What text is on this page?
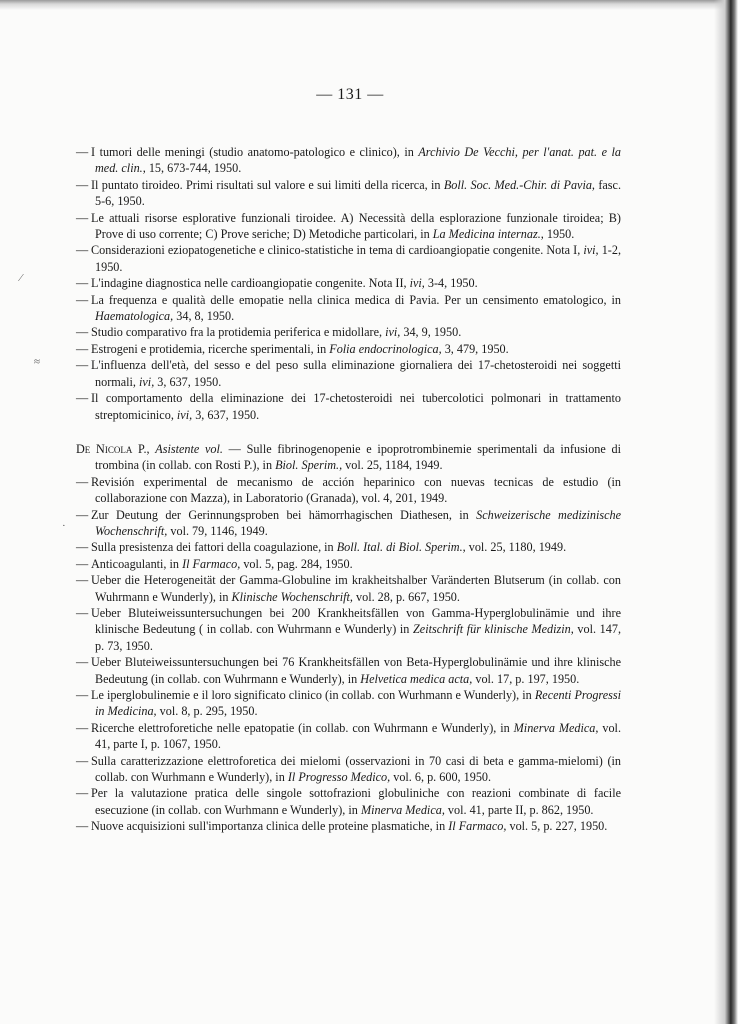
— 131 —
— I tumori delle meningi (studio anatomo-patologico e clinico), in Archivio De Vecchi, per l'anat. pat. e la med. clin., 15, 673-744, 1950.
— Il puntato tiroideo. Primi risultati sul valore e sui limiti della ricerca, in Boll. Soc. Med.-Chir. di Pavia, fasc. 5-6, 1950.
— Le attuali risorse esplorative funzionali tiroidee. A) Necessità della esplorazione funzionale tiroidea; B) Prove di uso corrente; C) Prove seriche; D) Metodiche particolari, in La Medicina internaz., 1950.
— Considerazioni eziopatogenetiche e clinico-statistiche in tema di cardioangiopatie congenite. Nota I, ivi, 1-2, 1950.
— L'indagine diagnostica nelle cardioangiopatie congenite. Nota II, ivi, 3-4, 1950.
— La frequenza e qualità delle emopatie nella clinica medica di Pavia. Per un censimento ematologico, in Haematologica, 34, 8, 1950.
— Studio comparativo fra la protidemia periferica e midollare, ivi, 34, 9, 1950.
— Estrogeni e protidemia, ricerche sperimentali, in Folia endocrinologica, 3, 479, 1950.
— L'influenza dell'età, del sesso e del peso sulla eliminazione giornaliera dei 17-chetosteroidi nei soggetti normali, ivi, 3, 637, 1950.
— Il comportamento della eliminazione dei 17-chetosteroidi nei tubercolotici polmonari in trattamento streptomicinico, ivi, 3, 637, 1950.
De Nicola P., Asistente vol. — Sulle fibrinogenopenie e ipoprotrombinemie sperimentali da infusione di trombina (in collab. con Rosti P.), in Biol. Sperim., vol. 25, 1184, 1949.
— Revisión experimental de mecanismo de acción heparinico con nuevas tecnicas de estudio (in collaborazione con Mazza), in Laboratorio (Granada), vol. 4, 201, 1949.
— Zur Deutung der Gerinnungsproben bei hämorrhagischen Diathesen, in Schweizerische medizinische Wochenschrift, vol. 79, 1146, 1949.
— Sulla presistenza dei fattori della coagulazione, in Boll. Ital. di Biol. Sperim., vol. 25, 1180, 1949.
— Anticoagulanti, in Il Farmaco, vol. 5, pag. 284, 1950.
— Ueber die Heterogeneität der Gamma-Globuline im krakheitshalber Varänderten Blutserum (in collab. con Wuhrmann e Wunderly), in Klinische Wochenschrift, vol. 28, p. 667, 1950.
— Ueber Bluteiweissuntersuchungen bei 200 Krankheitsfällen von Gamma-Hyperglobulinämie und ihre klinische Bedeutung ( in collab. con Wuhrmann e Wunderly) in Zeitschrift für klinische Medizin, vol. 147, p. 73, 1950.
— Ueber Bluteiweissuntersuchungen bei 76 Krankheitsfällen von Beta-Hyperglobulinämie und ihre klinische Bedeutung (in collab. con Wuhrmann e Wunderly), in Helvetica medica acta, vol. 17, p. 197, 1950.
— Le iperglobulinemie e il loro significato clinico (in collab. con Wurhmann e Wunderly), in Recenti Progressi in Medicina, vol. 8, p. 295, 1950.
— Ricerche elettroforetiche nelle epatopatie (in collab. con Wuhrmann e Wunderly), in Minerva Medica, vol. 41, parte I, p. 1067, 1950.
— Sulla caratterizzazione elettroforetica dei mielomi (osservazioni in 70 casi di beta e gamma-mielomi) (in collab. con Wurhmann e Wunderly), in Il Progresso Medico, vol. 6, p. 600, 1950.
— Per la valutazione pratica delle singole sottofrazioni globuliniche con reazioni combinate di facile esecuzione (in collab. con Wurhmann e Wunderly), in Minerva Medica, vol. 41, parte II, p. 862, 1950.
— Nuove acquisizioni sull'importanza clinica delle proteine plasmatiche, in Il Farmaco, vol. 5, p. 227, 1950.
⁄
≈
·
